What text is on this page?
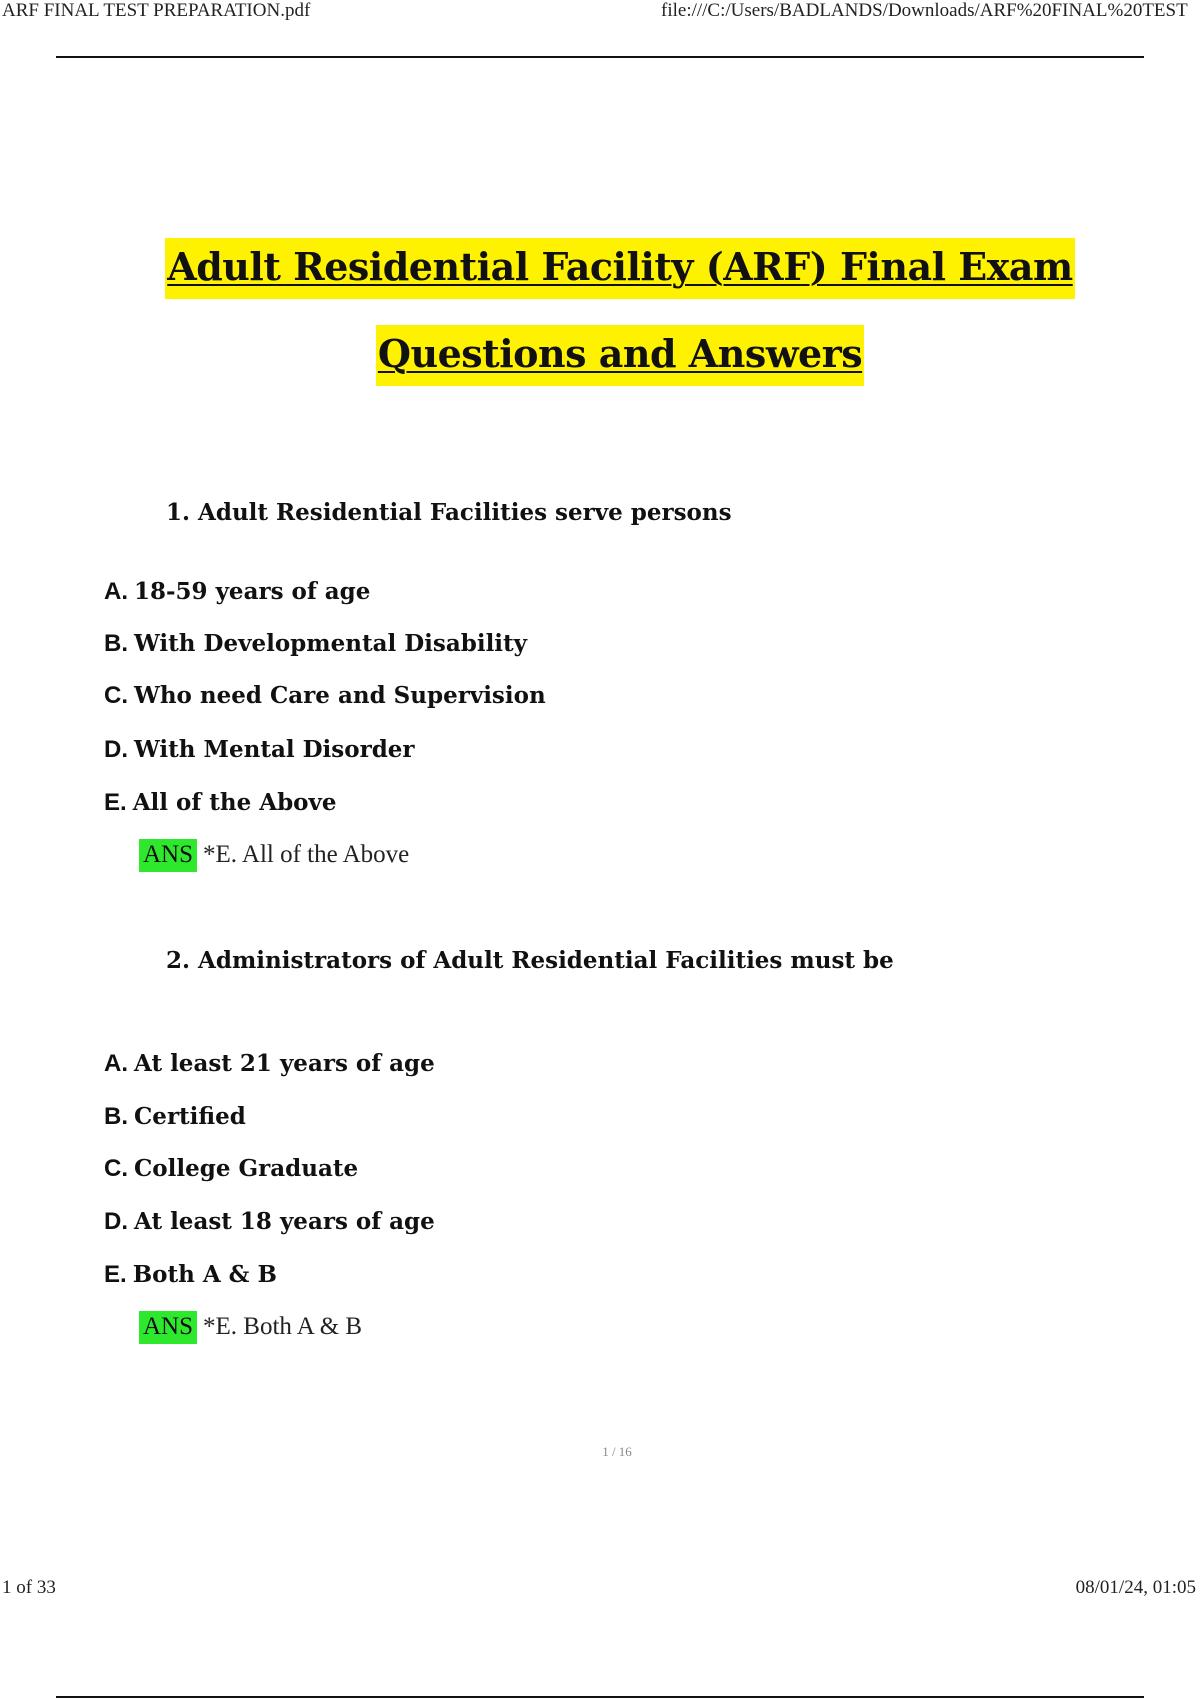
ARF FINAL TEST PREPARATION.pdf	file:///C:/Users/BADLANDS/Downloads/ARF%20FINAL%20TEST
Adult Residential Facility (ARF) Final Exam
Questions and Answers
1. Adult Residential Facilities serve persons
A. 18-59 years of age
B. With Developmental Disability
C. Who need Care and Supervision
D. With Mental Disorder
E. All of the Above
ANS *E. All of the Above
2. Administrators of Adult Residential Facilities must be
A. At least 21 years of age
B. Certified
C. College Graduate
D. At least 18 years of age
E. Both A & B
ANS *E. Both A & B
1 / 16
1 of 33	08/01/24, 01:05
